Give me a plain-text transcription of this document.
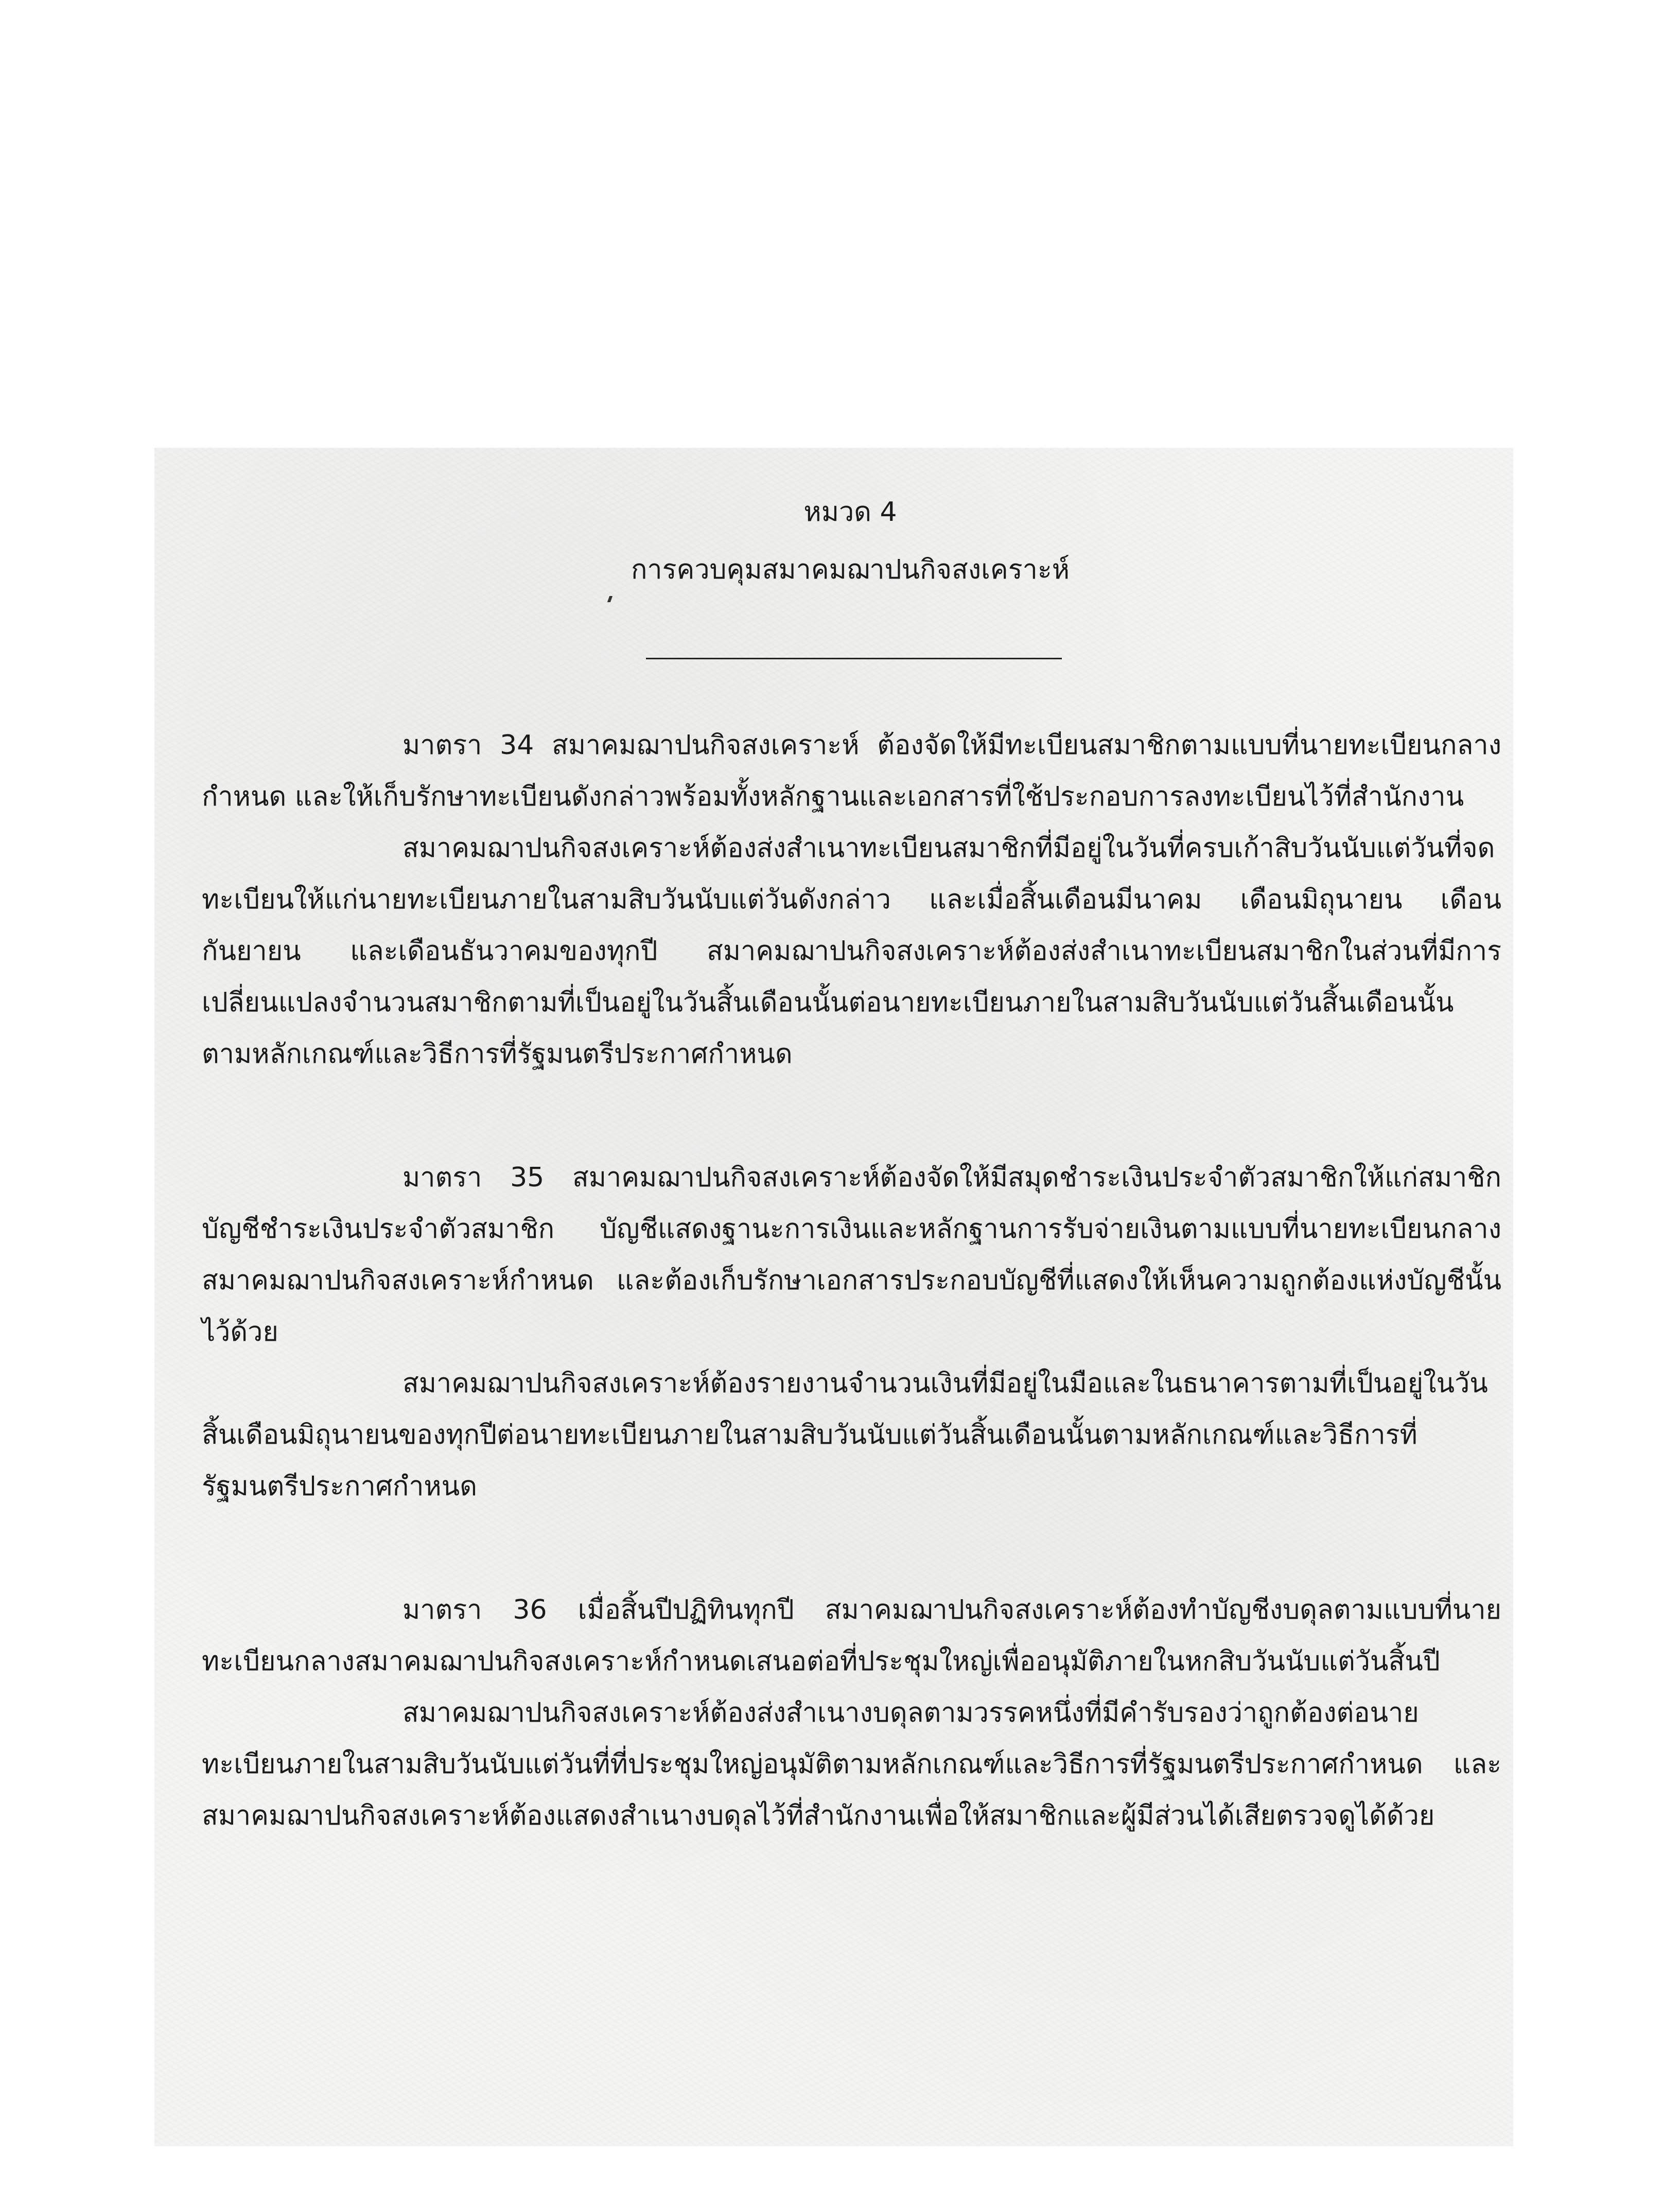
หมวด 4
การควบคุมสมาคมฌาปนกิจสงเคราะห์

มาตรา 34 สมาคมฌาปนกิจสงเคราะห์ ต้องจัดให้มีทะเบียนสมาชิกตามแบบที่นายทะเบียนกลางกำหนด และให้เก็บรักษาทะเบียนดังกล่าวพร้อมทั้งหลักฐานและเอกสารที่ใช้ประกอบการลงทะเบียนไว้ที่สำนักงาน

สมาคมฌาปนกิจสงเคราะห์ต้องส่งสำเนาทะเบียนสมาชิกที่มีอยู่ในวันที่ครบเก้าสิบวันนับแต่วันที่จดทะเบียนให้แก่นายทะเบียนภายในสามสิบวันนับแต่วันดังกล่าว และเมื่อสิ้นเดือนมีนาคม เดือนมิถุนายน เดือนกันยายน และเดือนธันวาคมของทุกปี สมาคมฌาปนกิจสงเคราะห์ต้องส่งสำเนาทะเบียนสมาชิกในส่วนที่มีการเปลี่ยนแปลงจำนวนสมาชิกตามที่เป็นอยู่ในวันสิ้นเดือนนั้นต่อนายทะเบียนภายในสามสิบวันนับแต่วันสิ้นเดือนนั้นตามหลักเกณฑ์และวิธีการที่รัฐมนตรีประกาศกำหนด

มาตรา 35 สมาคมฌาปนกิจสงเคราะห์ต้องจัดให้มีสมุดชำระเงินประจำตัวสมาชิกให้แก่สมาชิก บัญชีชำระเงินประจำตัวสมาชิก บัญชีแสดงฐานะการเงินและหลักฐานการรับจ่ายเงินตามแบบที่นายทะเบียนกลางสมาคมฌาปนกิจสงเคราะห์กำหนด และต้องเก็บรักษาเอกสารประกอบบัญชีที่แสดงให้เห็นความถูกต้องแห่งบัญชีนั้นไว้ด้วย

สมาคมฌาปนกิจสงเคราะห์ต้องรายงานจำนวนเงินที่มีอยู่ในมือและในธนาคารตามที่เป็นอยู่ในวันสิ้นเดือนมิถุนายนของทุกปีต่อนายทะเบียนภายในสามสิบวันนับแต่วันสิ้นเดือนนั้นตามหลักเกณฑ์และวิธีการที่รัฐมนตรีประกาศกำหนด

มาตรา 36 เมื่อสิ้นปีปฏิทินทุกปี สมาคมฌาปนกิจสงเคราะห์ต้องทำบัญชีงบดุลตามแบบที่นายทะเบียนกลางสมาคมฌาปนกิจสงเคราะห์กำหนดเสนอต่อที่ประชุมใหญ่เพื่ออนุมัติภายในหกสิบวันนับแต่วันสิ้นปี

สมาคมฌาปนกิจสงเคราะห์ต้องส่งสำเนางบดุลตามวรรคหนึ่งที่มีคำรับรองว่าถูกต้องต่อนายทะเบียนภายในสามสิบวันนับแต่วันที่ที่ประชุมใหญ่อนุมัติตามหลักเกณฑ์และวิธีการที่รัฐมนตรีประกาศกำหนด และสมาคมฌาปนกิจสงเคราะห์ต้องแสดงสำเนางบดุลไว้ที่สำนักงานเพื่อให้สมาชิกและผู้มีส่วนได้เสียตรวจดูได้ด้วย
